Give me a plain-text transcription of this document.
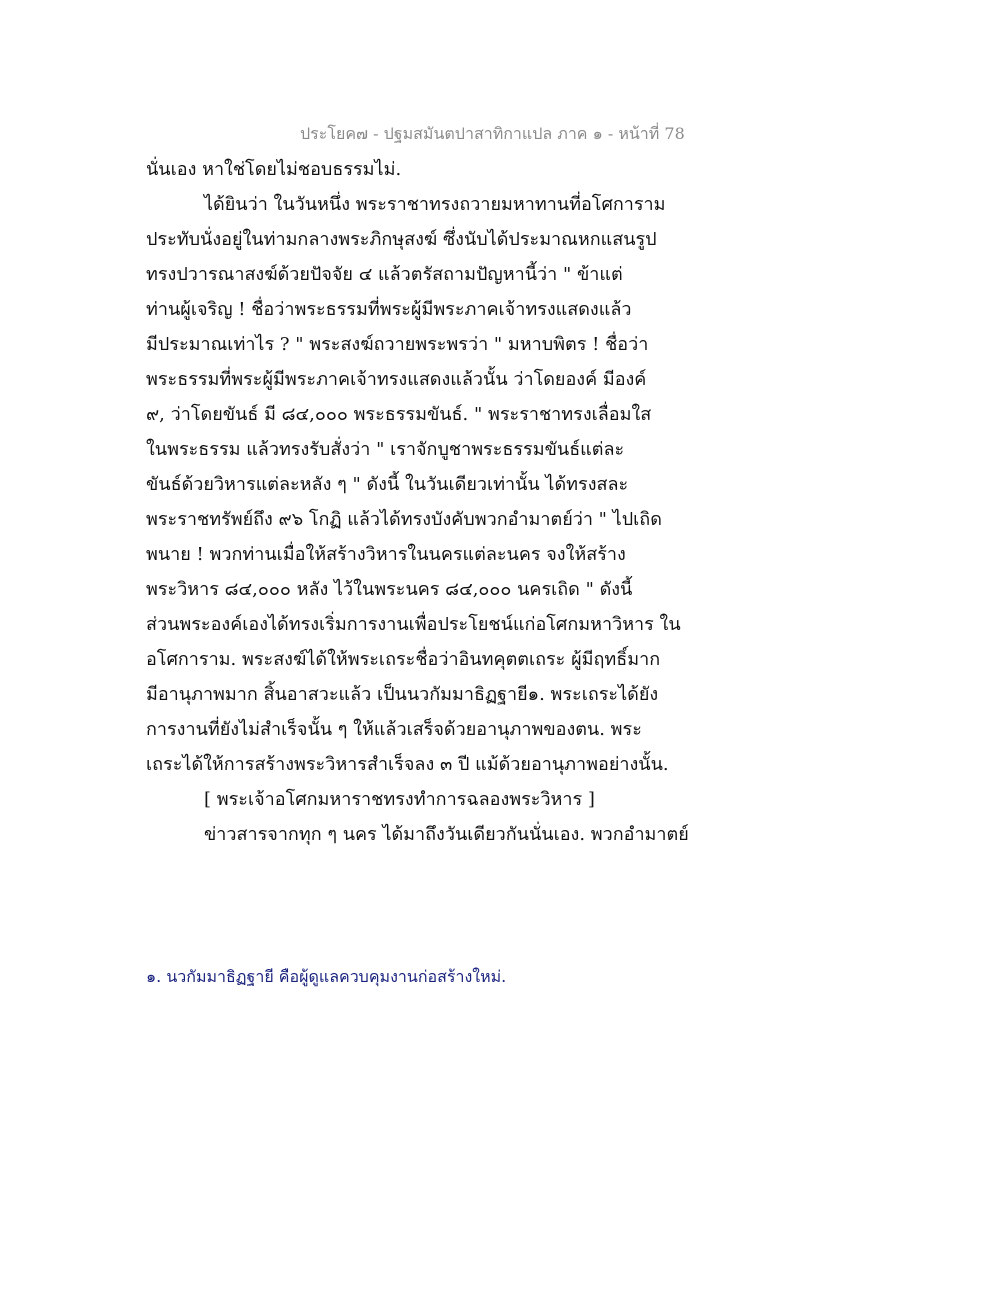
ประโยค๗ - ปฐมสมันตปาสาทิกาแปล ภาค ๑ - หน้าที่ 78
นั่นเอง หาใช่โดยไม่ชอบธรรมไม่.
ได้ยินว่า ในวันหนึ่ง พระราชาทรงถวายมหาทานที่อโศการาม
ประทับนั่งอยู่ในท่ามกลางพระภิกษุสงฆ์ ซึ่งนับได้ประมาณหกแสนรูป
ทรงปวารณาสงฆ์ด้วยปัจจัย ๔ แล้วตรัสถามปัญหานี้ว่า " ข้าแต่
ท่านผู้เจริญ ! ชื่อว่าพระธรรมที่พระผู้มีพระภาคเจ้าทรงแสดงแล้ว
มีประมาณเท่าไร ? " พระสงฆ์ถวายพระพรว่า " มหาบพิตร ! ชื่อว่า
พระธรรมที่พระผู้มีพระภาคเจ้าทรงแสดงแล้วนั้น ว่าโดยองค์ มีองค์
๙, ว่าโดยขันธ์ มี ๘๔,๐๐๐ พระธรรมขันธ์. " พระราชาทรงเลื่อมใส
ในพระธรรม แล้วทรงรับสั่งว่า " เราจักบูชาพระธรรมขันธ์แต่ละ
ขันธ์ด้วยวิหารแต่ละหลัง ๆ " ดังนี้ ในวันเดียวเท่านั้น ได้ทรงสละ
พระราชทรัพย์ถึง ๙๖ โกฏิ แล้วได้ทรงบังคับพวกอำมาตย์ว่า " ไปเถิด
พนาย ! พวกท่านเมื่อให้สร้างวิหารในนครแต่ละนคร จงให้สร้าง
พระวิหาร ๘๔,๐๐๐ หลัง ไว้ในพระนคร ๘๔,๐๐๐ นครเถิด " ดังนี้
ส่วนพระองค์เองได้ทรงเริ่มการงานเพื่อประโยชน์แก่อโศกมหาวิหาร ใน
อโศการาม. พระสงฆ์ได้ให้พระเถระชื่อว่าอินทคุตตเถระ ผู้มีฤทธิ์มาก
มีอานุภาพมาก สิ้นอาสวะแล้ว เป็นนวกัมมาธิฏฐายี๑. พระเถระได้ยัง
การงานที่ยังไม่สำเร็จนั้น ๆ ให้แล้วเสร็จด้วยอานุภาพของตน. พระ
เถระได้ให้การสร้างพระวิหารสำเร็จลง ๓ ปี แม้ด้วยอานุภาพอย่างนั้น.
[ พระเจ้าอโศกมหาราชทรงทำการฉลองพระวิหาร ]
ข่าวสารจากทุก ๆ นคร ได้มาถึงวันเดียวกันนั่นเอง. พวกอำมาตย์
๑. นวกัมมาธิฏฐายี คือผู้ดูแลควบคุมงานก่อสร้างใหม่.
